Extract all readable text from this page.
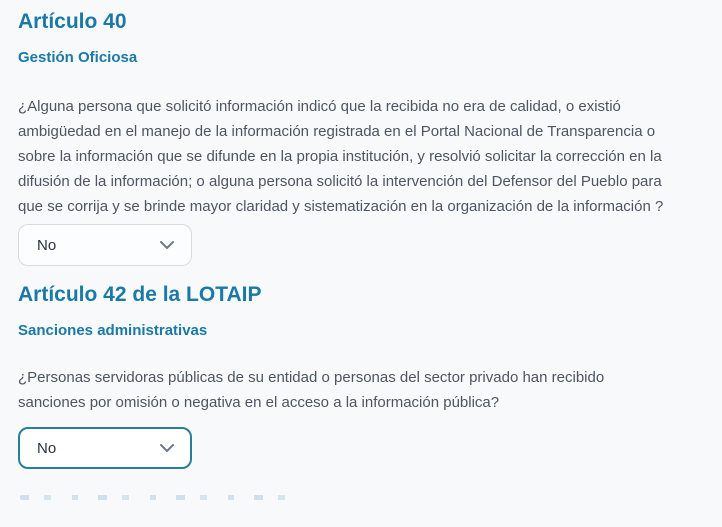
Artículo 40
Gestión Oficiosa

¿Alguna persona que solicitó información indicó que la recibida no era de calidad, o existió ambigüedad en el manejo de la información registrada en el Portal Nacional de Transparencia o sobre la información que se difunde en la propia institución, y resolvió solicitar la corrección en la difusión de la información; o alguna persona solicitó la intervención del Defensor del Pueblo para que se corrija y se brinde mayor claridad y sistematización en la organización de la información ?

No
Artículo 42 de la LOTAIP
Sanciones administrativas

¿Personas servidoras públicas de su entidad o personas del sector privado han recibido sanciones por omisión o negativa en el acceso a la información pública?

No
